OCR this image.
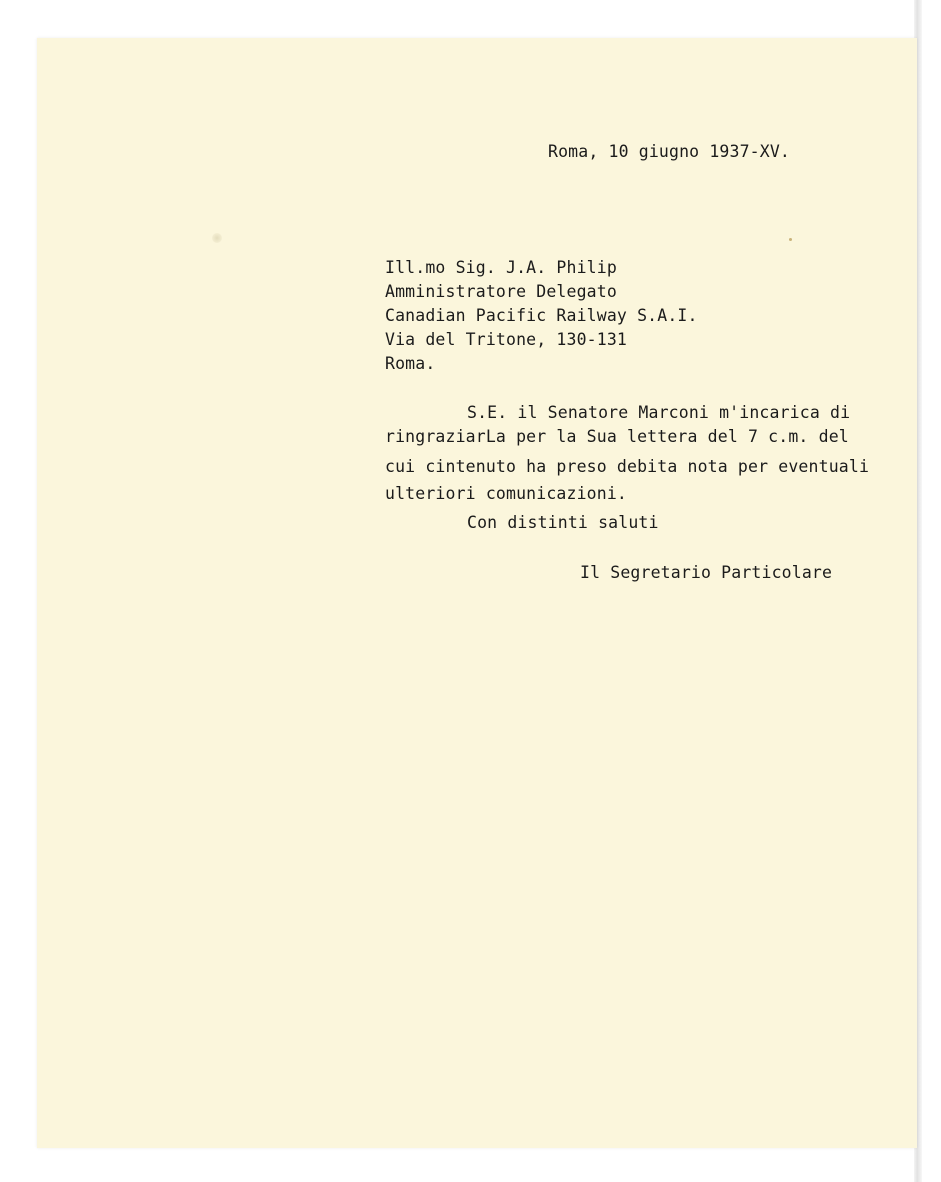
Roma, 10 giugno 1937-XV.
Ill.mo Sig. J.A. Philip
Amministratore Delegato
Canadian Pacific Railway S.A.I.
Via del Tritone, 130-131
Roma.
S.E. il Senatore Marconi m'incarica di
ringraziarLa per la Sua lettera del 7 c.m. del
cui cintenuto ha preso debita nota per eventuali
ulteriori comunicazioni.
Con distinti saluti
Il Segretario Particolare
